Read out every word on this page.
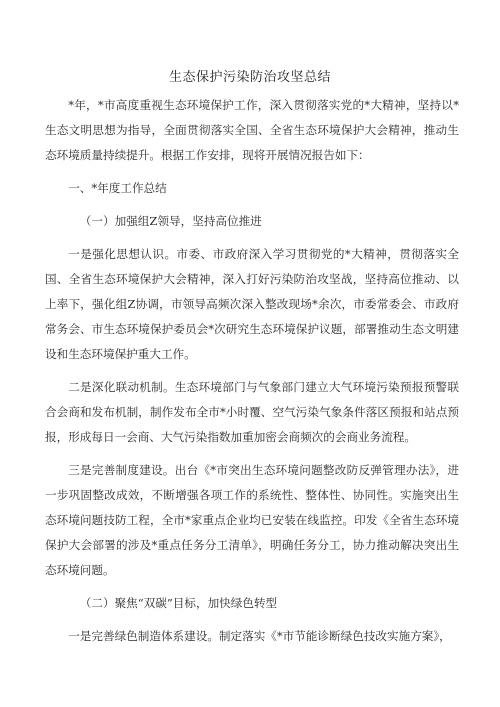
生态保护污染防治攻坚总结

*年，*市高度重视生态环境保护工作，深入贯彻落实党的*大精神，坚持以*生态文明思想为指导，全面贯彻落实全国、全省生态环境保护大会精神，推动生态环境质量持续提升。根据工作安排，现将开展情况报告如下：

一、*年度工作总结

（一）加强组Z领导，坚持高位推进

一是强化思想认识。市委、市政府深入学习贯彻党的*大精神，贯彻落实全国、全省生态环境保护大会精神，深入打好污染防治攻坚战，坚持高位推动、以上率下，强化组Z协调，市领导高频次深入整改现场*余次，市委常委会、市政府常务会、市生态环境保护委员会*次研究生态环境保护议题，部署推动生态文明建设和生态环境保护重大工作。

二是深化联动机制。生态环境部门与气象部门建立大气环境污染预报预警联合会商和发布机制，制作发布全市*小时覆、空气污染气象条件落区预报和站点预报，形成每日一会商、大气污染指数加重加密会商频次的会商业务流程。

三是完善制度建设。出台《*市突出生态环境问题整改防反弹管理办法》，进一步巩固整改成效，不断增强各项工作的系统性、整体性、协同性。实施突出生态环境问题技防工程，全市*家重点企业均已安装在线监控。印发《全省生态环境保护大会部署的涉及*重点任务分工清单》，明确任务分工，协力推动解决突出生态环境问题。

（二）聚焦“双碳”目标，加快绿色转型

一是完善绿色制造体系建设。制定落实《*市节能诊断绿色技改实施方案》，
